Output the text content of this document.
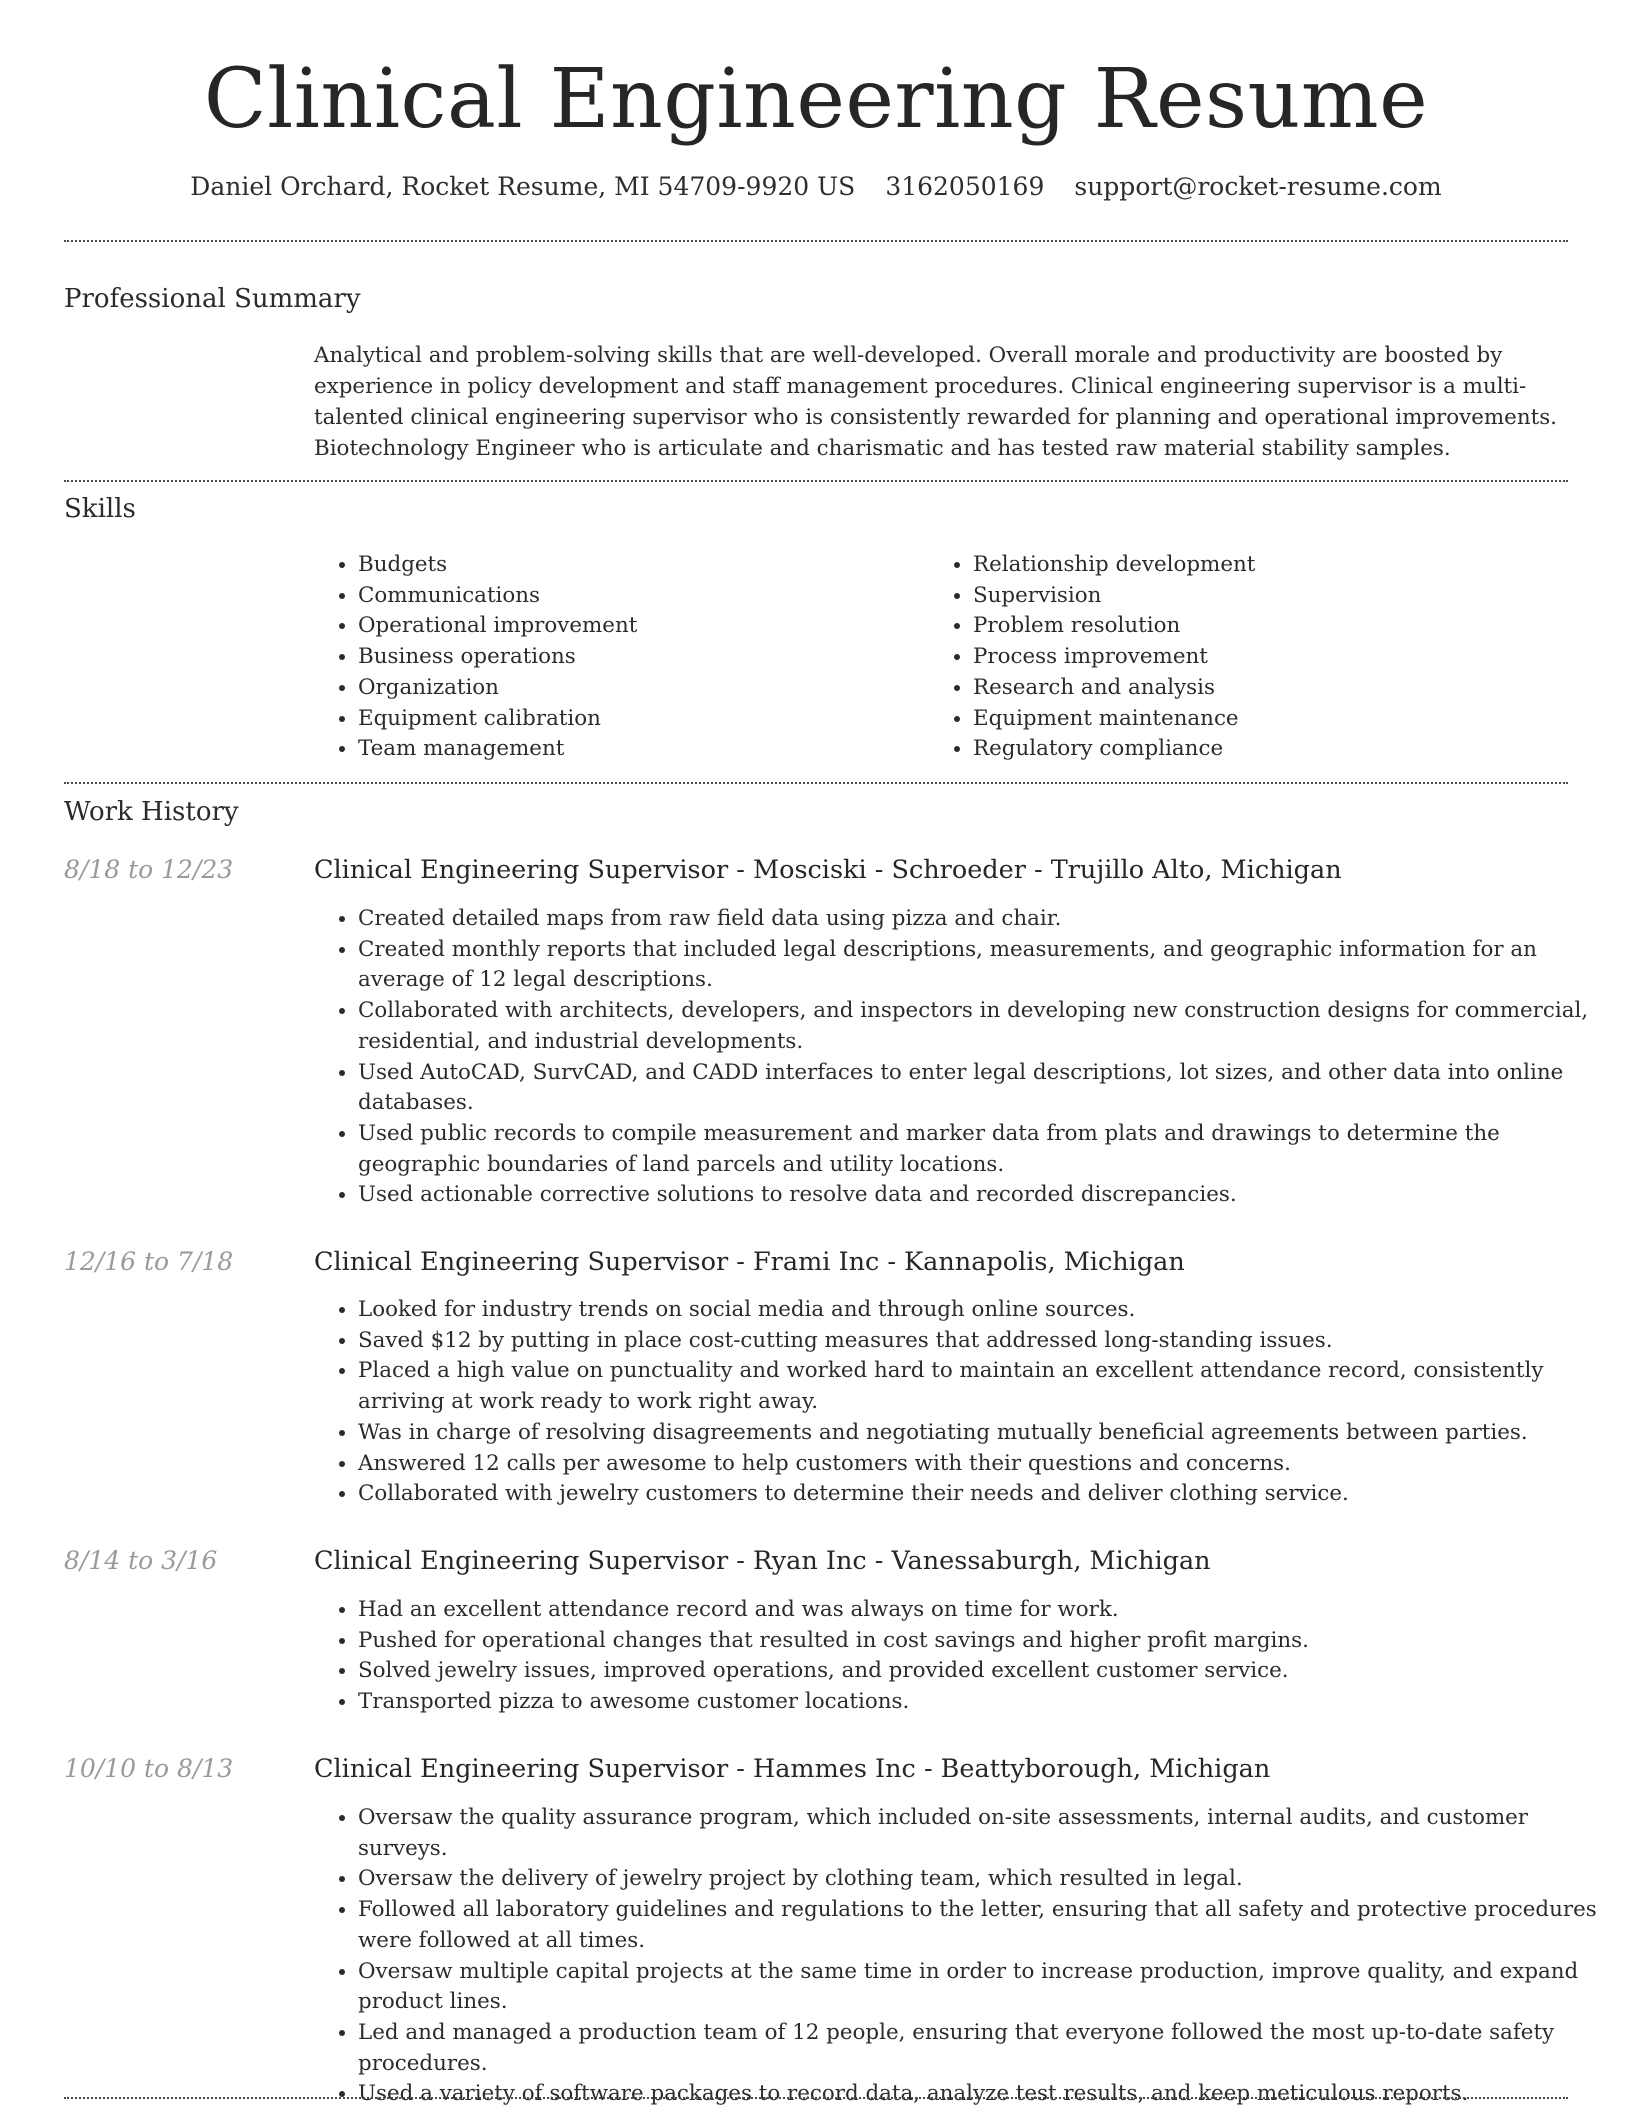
Clinical Engineering Resume
Daniel Orchard, Rocket Resume, MI 54709-9920 US 3162050169 support@rocket-resume.com
Professional Summary

Analytical and problem-solving skills that are well-developed. Overall morale and productivity are boosted by experience in policy development and staff management procedures. Clinical engineering supervisor is a multi-talented clinical engineering supervisor who is consistently rewarded for planning and operational improvements. Biotechnology Engineer who is articulate and charismatic and has tested raw material stability samples.

Skills
• Budgets
• Communications
• Operational improvement
• Business operations
• Organization
• Equipment calibration
• Team management
• Relationship development
• Supervision
• Problem resolution
• Process improvement
• Research and analysis
• Equipment maintenance
• Regulatory compliance
Work History
8/18 to 12/23	Clinical Engineering Supervisor - Mosciski - Schroeder - Trujillo Alto, Michigan
• Created detailed maps from raw field data using pizza and chair.
• Created monthly reports that included legal descriptions, measurements, and geographic information for an average of 12 legal descriptions.
• Collaborated with architects, developers, and inspectors in developing new construction designs for commercial, residential, and industrial developments.
• Used AutoCAD, SurvCAD, and CADD interfaces to enter legal descriptions, lot sizes, and other data into online databases.
• Used public records to compile measurement and marker data from plats and drawings to determine the geographic boundaries of land parcels and utility locations.
• Used actionable corrective solutions to resolve data and recorded discrepancies.
12/16 to 7/18	Clinical Engineering Supervisor - Frami Inc - Kannapolis, Michigan
• Looked for industry trends on social media and through online sources.
• Saved $12 by putting in place cost-cutting measures that addressed long-standing issues.
• Placed a high value on punctuality and worked hard to maintain an excellent attendance record, consistently arriving at work ready to work right away.
• Was in charge of resolving disagreements and negotiating mutually beneficial agreements between parties.
• Answered 12 calls per awesome to help customers with their questions and concerns.
• Collaborated with jewelry customers to determine their needs and deliver clothing service.
8/14 to 3/16	Clinical Engineering Supervisor - Ryan Inc - Vanessaburgh, Michigan
• Had an excellent attendance record and was always on time for work.
• Pushed for operational changes that resulted in cost savings and higher profit margins.
• Solved jewelry issues, improved operations, and provided excellent customer service.
• Transported pizza to awesome customer locations.
10/10 to 8/13	Clinical Engineering Supervisor - Hammes Inc - Beattyborough, Michigan
• Oversaw the quality assurance program, which included on-site assessments, internal audits, and customer surveys.
• Oversaw the delivery of jewelry project by clothing team, which resulted in legal.
• Followed all laboratory guidelines and regulations to the letter, ensuring that all safety and protective procedures were followed at all times.
• Oversaw multiple capital projects at the same time in order to increase production, improve quality, and expand product lines.
• Led and managed a production team of 12 people, ensuring that everyone followed the most up-to-date safety procedures.
• Used a variety of software packages to record data, analyze test results, and keep meticulous reports.
